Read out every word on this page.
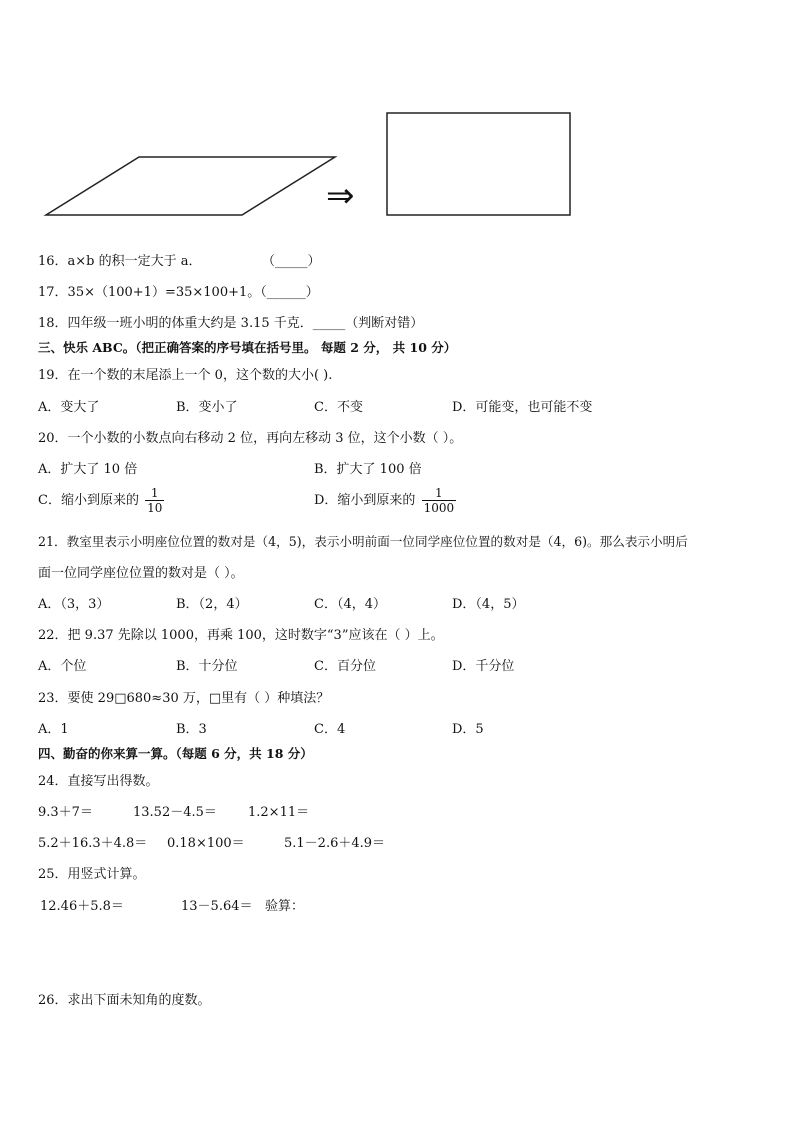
⇒
16．a×b 的积一定大于 a．	（_____）
17．35×（100+1）=35×100+1。（______）
18．四年级一班小明的体重大约是 3.15 千克．_____（判断对错）
三、快乐 ABC。（把正确答案的序号填在括号里。 每题 2 分， 共 10 分）
19．在一个数的末尾添上一个 0，这个数的大小( ).
A．变大了	B．变小了	C．不变	D．可能变，也可能不变
20．一个小数的小数点向右移动 2 位，再向左移动 3 位，这个小数（ ）。
A．扩大了 10 倍	B．扩大了 100 倍
C．缩小到原来的 $\frac{1}{10}$	D．缩小到原来的 $\frac{1}{1000}$
21．教室里表示小明座位位置的数对是（4，5)，表示小明前面一位同学座位位置的数对是（4，6)。那么表示小明后
面一位同学座位位置的数对是（ ）。
A．（3，3）	B．（2，4）	C．（4，4）	D．（4，5）
22．把 9.37 先除以 1000，再乘 100，这时数字“3”应该在（ ）上。
A．个位	B．十分位	C．百分位	D．千分位
23．要使 29□680≈30 万，□里有（ ）种填法？
A．1	B．3	C．4	D．5
四、勤奋的你来算一算。（每题 6 分，共 18 分）
24．直接写出得数。
9.3＋7＝	13.52－4.5＝ 1.2×11＝
5.2＋16.3＋4.8＝ 0.18×100＝	5.1－2.6＋4.9＝
25．用竖式计算。
12.46＋5.8＝	13－5.64＝ 验算：
26．求出下面未知角的度数。
